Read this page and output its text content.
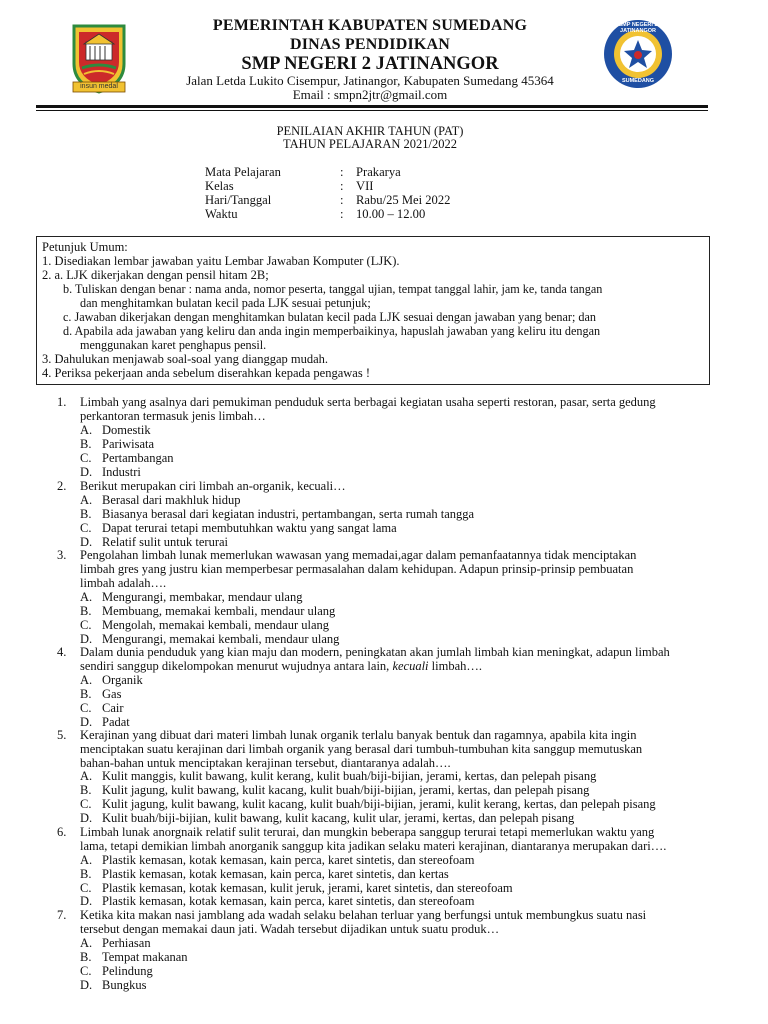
insun medal
SMP NEGERI 2 JATINANGOR
SUMEDANG
PEMERINTAH KABUPATEN SUMEDANG
DINAS PENDIDIKAN
SMP NEGERI 2 JATINANGOR
Jalan Letda Lukito Cisempur, Jatinangor, Kabupaten Sumedang 45364
Email : smpn2jtr@gmail.com
PENILAIAN AKHIR TAHUN (PAT)
TAHUN PELAJARAN 2021/2022
Mata Pelajaran	: Prakarya
Kelas	: VII
Hari/Tanggal	: Rabu/25 Mei 2022
Waktu	: 10.00 – 12.00
Petunjuk Umum:
1. Disediakan lembar jawaban yaitu Lembar Jawaban Komputer (LJK).
2. a. LJK dikerjakan dengan pensil hitam 2B;
b. Tuliskan dengan benar : nama anda, nomor peserta, tanggal ujian, tempat tanggal lahir, jam ke, tanda tangan
dan menghitamkan bulatan kecil pada LJK sesuai petunjuk;
c. Jawaban dikerjakan dengan menghitamkan bulatan kecil pada LJK sesuai dengan jawaban yang benar; dan
d. Apabila ada jawaban yang keliru dan anda ingin memperbaikinya, hapuslah jawaban yang keliru itu dengan
menggunakan karet penghapus pensil.
3. Dahulukan menjawab soal-soal yang dianggap mudah.
4. Periksa pekerjaan anda sebelum diserahkan kepada pengawas !
1. Limbah yang asalnya dari pemukiman penduduk serta berbagai kegiatan usaha seperti restoran, pasar, serta gedung
perkantoran termasuk jenis limbah…
A. Domestik
B. Pariwisata
C. Pertambangan
D. Industri
2. Berikut merupakan ciri limbah an-organik, kecuali…
A. Berasal dari makhluk hidup
B. Biasanya berasal dari kegiatan industri, pertambangan, serta rumah tangga
C. Dapat terurai tetapi membutuhkan waktu yang sangat lama
D. Relatif sulit untuk terurai
3. Pengolahan limbah lunak memerlukan wawasan yang memadai,agar dalam pemanfaatannya tidak menciptakan
limbah gres yang justru kian memperbesar permasalahan dalam kehidupan. Adapun prinsip-prinsip pembuatan
limbah adalah….
A. Mengurangi, membakar, mendaur ulang
B. Membuang, memakai kembali, mendaur ulang
C. Mengolah, memakai kembali, mendaur ulang
D. Mengurangi, memakai kembali, mendaur ulang
4. Dalam dunia penduduk yang kian maju dan modern, peningkatan akan jumlah limbah kian meningkat, adapun limbah
sendiri sanggup dikelompokan menurut wujudnya antara lain, kecuali limbah….
A. Organik
B. Gas
C. Cair
D. Padat
5. Kerajinan yang dibuat dari materi limbah lunak organik terlalu banyak bentuk dan ragamnya, apabila kita ingin
menciptakan suatu kerajinan dari limbah organik yang berasal dari tumbuh-tumbuhan kita sanggup memutuskan
bahan-bahan untuk menciptakan kerajinan tersebut, diantaranya adalah….
A. Kulit manggis, kulit bawang, kulit kerang, kulit buah/biji-bijian, jerami, kertas, dan pelepah pisang
B. Kulit jagung, kulit bawang, kulit kacang, kulit buah/biji-bijian, jerami, kertas, dan pelepah pisang
C. Kulit jagung, kulit bawang, kulit kacang, kulit buah/biji-bijian, jerami, kulit kerang, kertas, dan pelepah pisang
D. Kulit buah/biji-bijian, kulit bawang, kulit kacang, kulit ular, jerami, kertas, dan pelepah pisang
6. Limbah lunak anorgnaik relatif sulit terurai, dan mungkin beberapa sanggup terurai tetapi memerlukan waktu yang
lama, tetapi demikian limbah anorganik sanggup kita jadikan selaku materi kerajinan, diantaranya merupakan dari….
A. Plastik kemasan, kotak kemasan, kain perca, karet sintetis, dan stereofoam
B. Plastik kemasan, kotak kemasan, kain perca, karet sintetis, dan kertas
C. Plastik kemasan, kotak kemasan, kulit jeruk, jerami, karet sintetis, dan stereofoam
D. Plastik kemasan, kotak kemasan, kain perca, karet sintetis, dan stereofoam
7. Ketika kita makan nasi jamblang ada wadah selaku belahan terluar yang berfungsi untuk membungkus suatu nasi
tersebut dengan memakai daun jati. Wadah tersebut dijadikan untuk suatu produk…
A. Perhiasan
B. Tempat makanan
C. Pelindung
D. Bungkus
